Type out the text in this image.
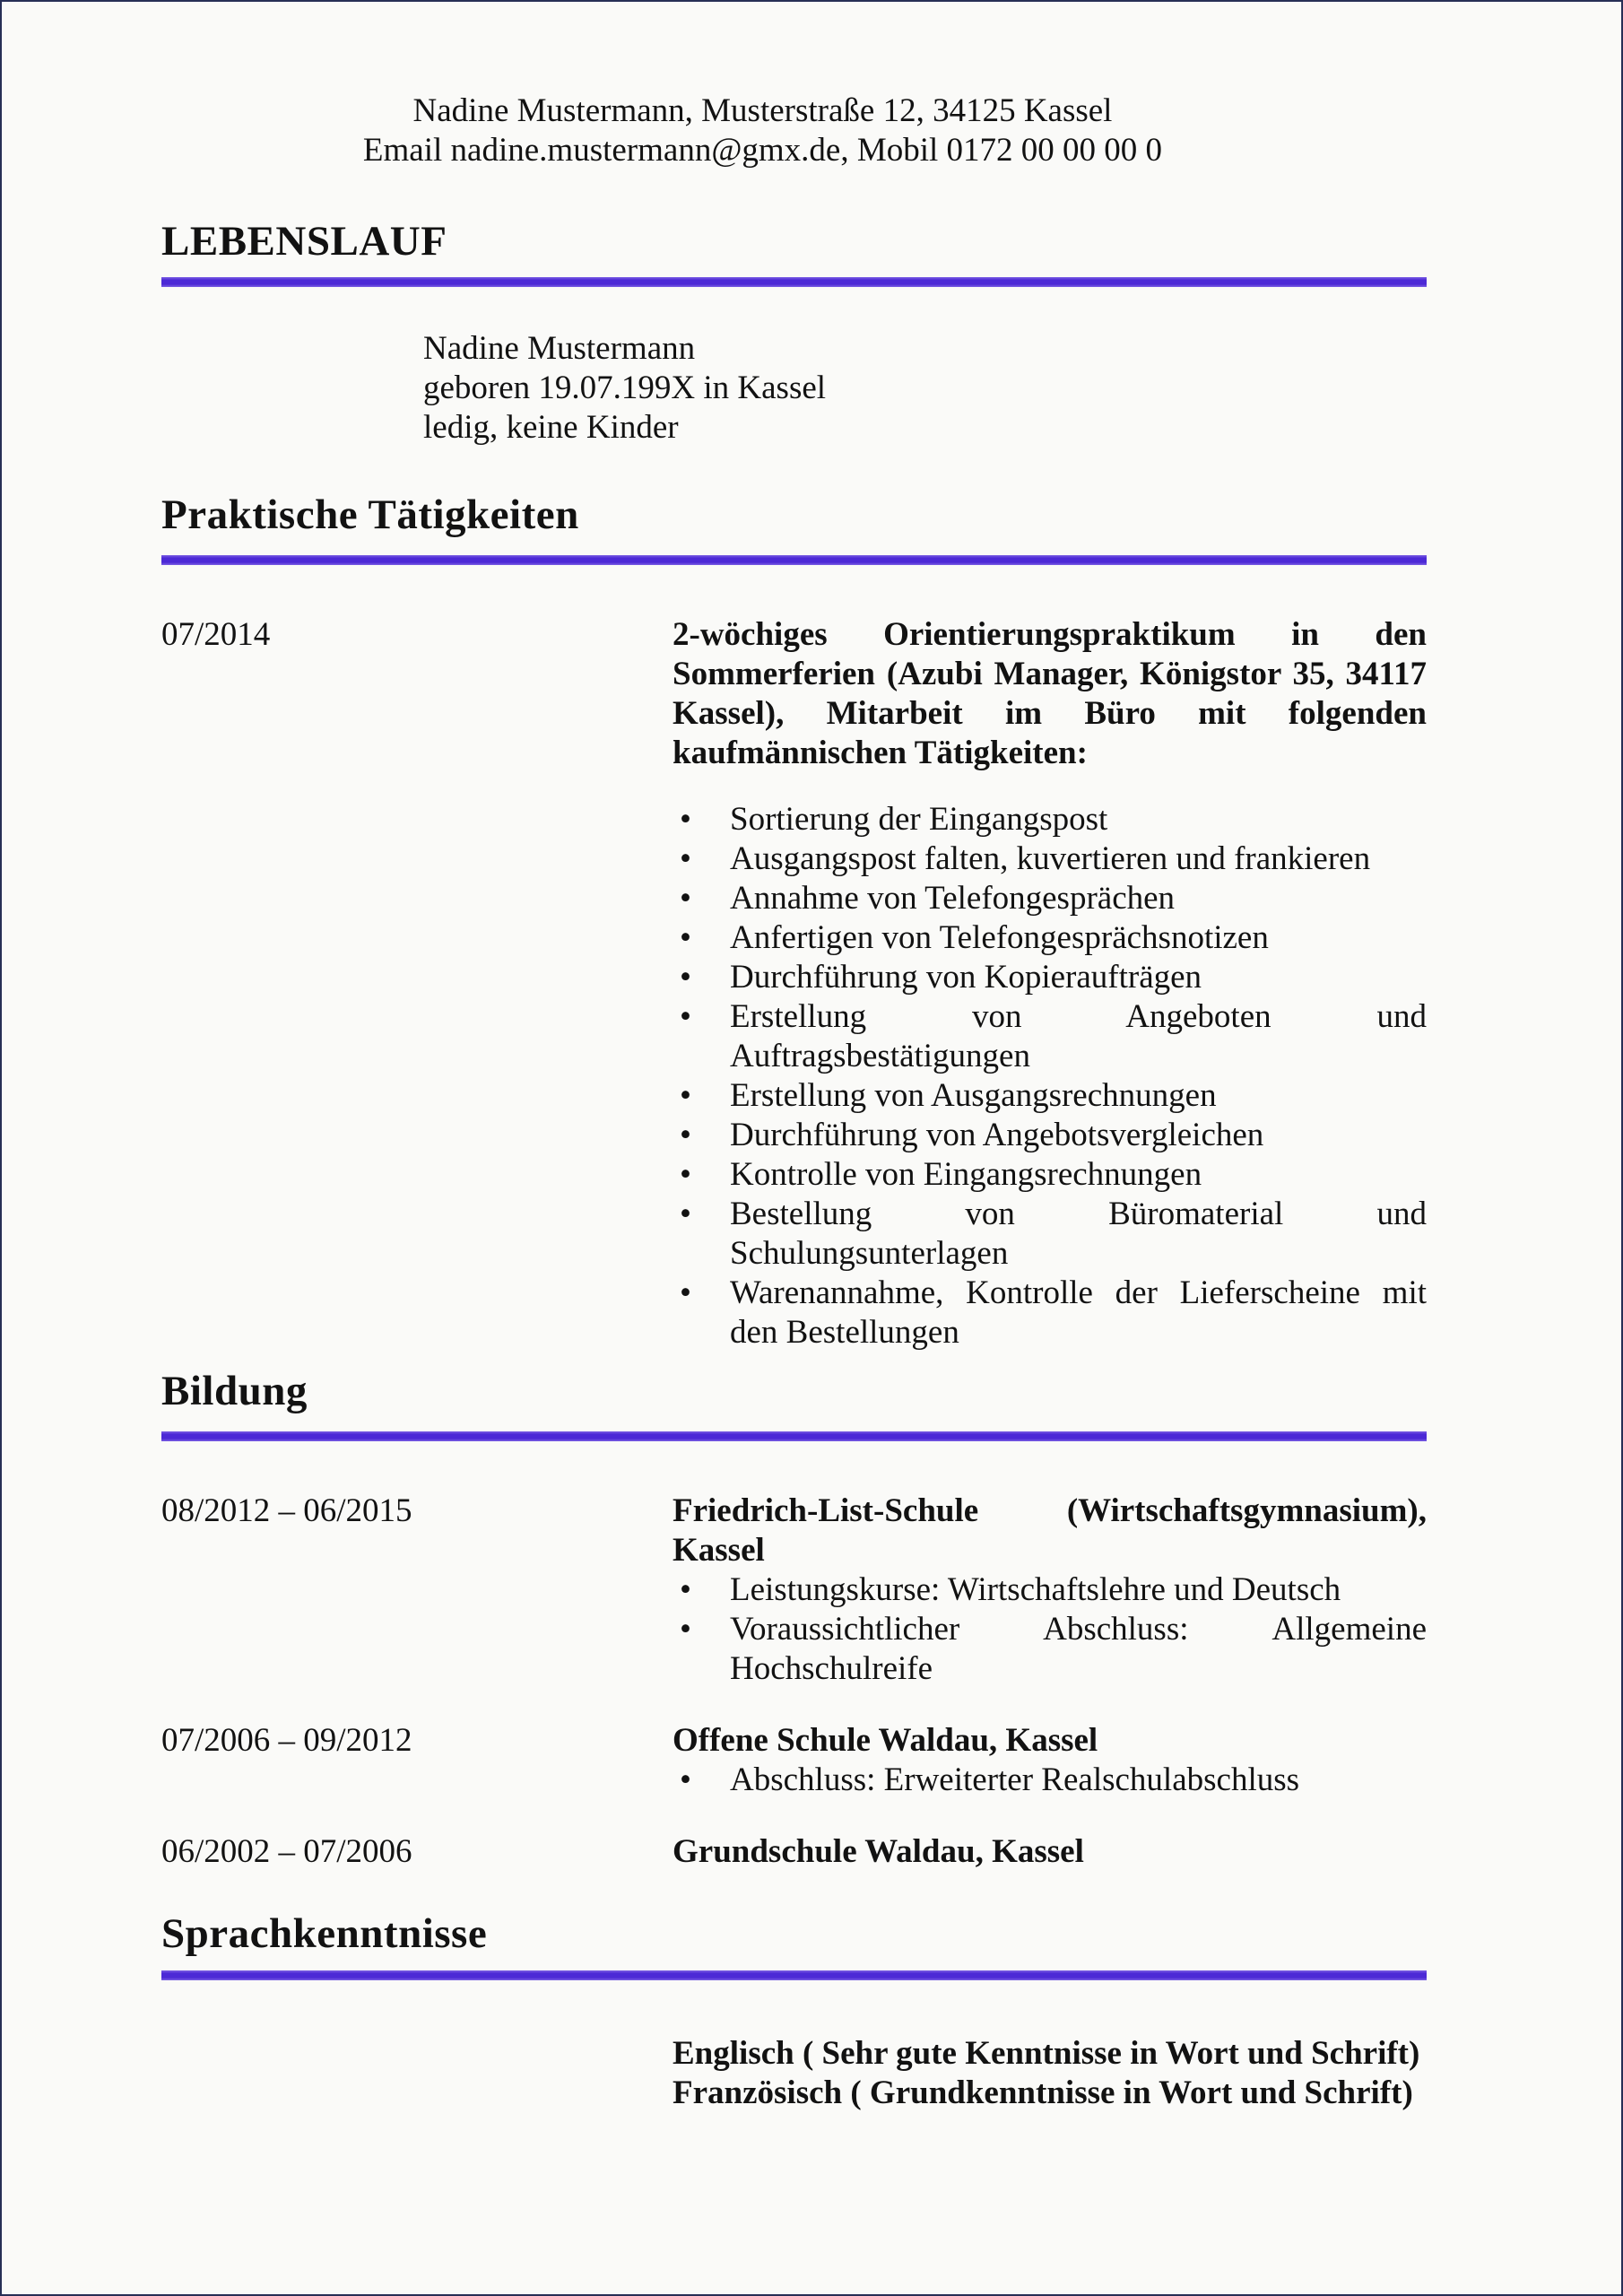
Nadine Mustermann, Musterstraße 12, 34125 Kassel
Email nadine.mustermann@gmx.de, Mobil 0172 00 00 00 0
LEBENSLAUF
Nadine Mustermann
geboren 19.07.199X in Kassel
ledig, keine Kinder
Praktische Tätigkeiten
07/2014	2-wöchiges Orientierungspraktikum in den Sommerferien (Azubi Manager, Königstor 35, 34117 Kassel), Mitarbeit im Büro mit folgenden kaufmännischen Tätigkeiten:

• Sortierung der Eingangspost
• Ausgangspost falten, kuvertieren und frankieren
• Annahme von Telefongesprächen
• Anfertigen von Telefongesprächsnotizen
• Durchführung von Kopieraufträgen
• Erstellung von Angeboten und Auftragsbestätigungen
• Erstellung von Ausgangsrechnungen
• Durchführung von Angebotsvergleichen
• Kontrolle von Eingangsrechnungen
• Bestellung von Büromaterial und Schulungsunterlagen
• Warenannahme, Kontrolle der Lieferscheine mit den Bestellungen
Bildung
08/2012 – 06/2015	Friedrich-List-Schule (Wirtschaftsgymnasium), Kassel

• Leistungskurse: Wirtschaftslehre und Deutsch
• Voraussichtlicher Abschluss: Allgemeine Hochschulreife
07/2006 – 09/2012	Offene Schule Waldau, Kassel

• Abschluss: Erweiterter Realschulabschluss
06/2002 – 07/2006	Grundschule Waldau, Kassel

Sprachkenntnisse
Englisch ( Sehr gute Kenntnisse in Wort und Schrift)
Französisch ( Grundkenntnisse in Wort und Schrift)
